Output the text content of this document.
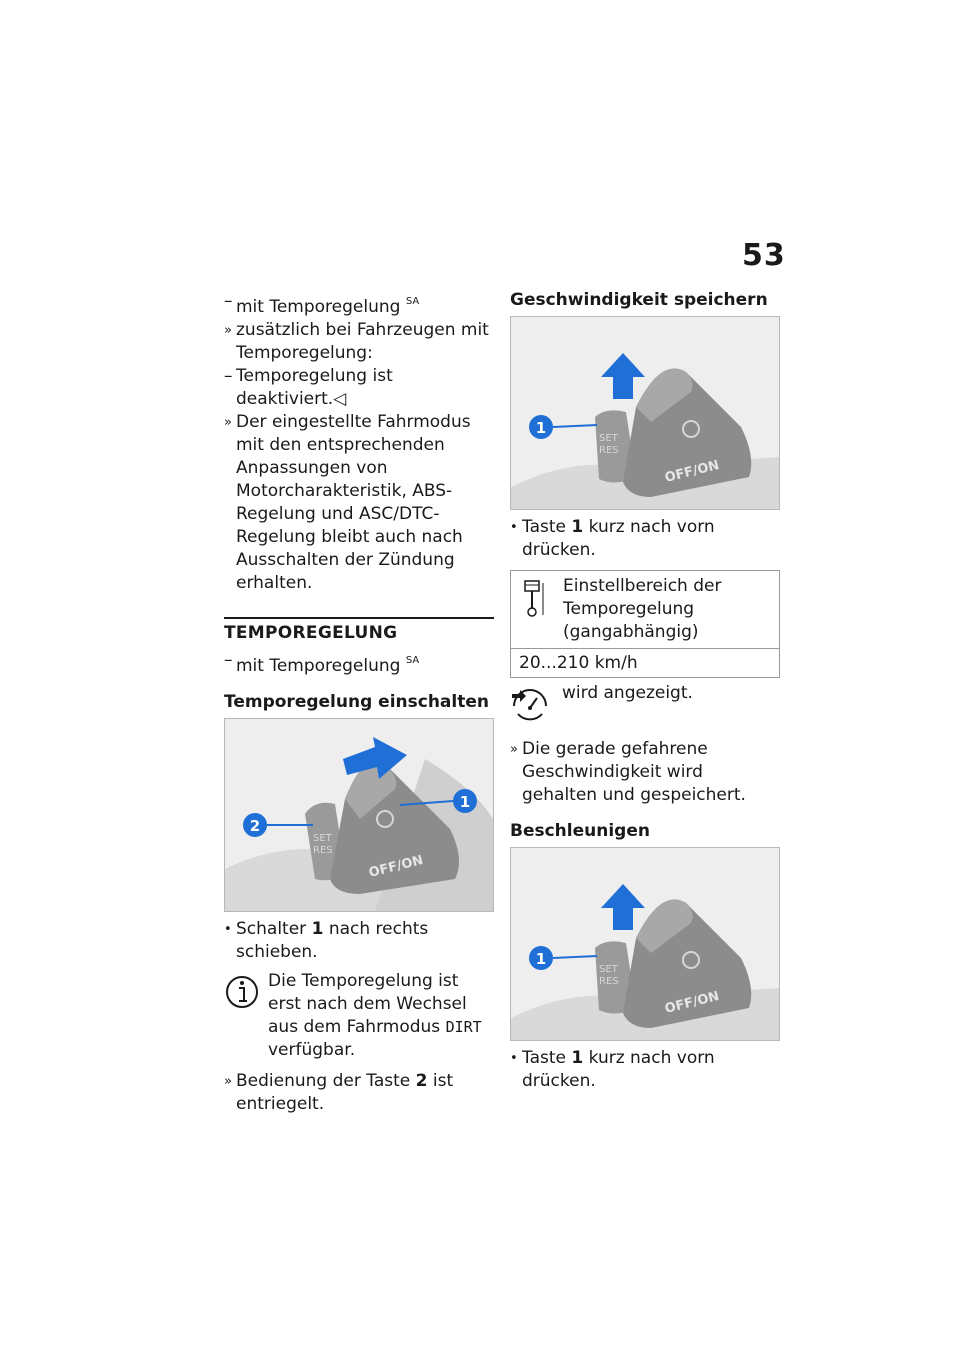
53
– mit Temporegelung $^{SA}$
» zusätzlich bei Fahrzeugen mit Temporegelung:
– Temporegelung ist deaktiviert.◁
» Der eingestellte Fahrmodus mit den entsprechenden Anpassungen von Motorcharakteristik, ABS-Regelung und ASC/DTC-Regelung bleibt auch nach Ausschalten der Zündung erhalten.
TEMPOREGELUNG
– mit Temporegelung $^{SA}$
Temporegelung einschalten
1
2
SET
RES
OFF/ON
• Schalter 1 nach rechts schieben.
Die Temporegelung ist erst nach dem Wechsel aus dem Fahrmodus DIRT verfügbar.
» Bedienung der Taste 2 ist entriegelt.
Geschwindigkeit speichern
1
SET
RES
OFF/ON
• Taste 1 kurz nach vorn drücken.
Einstellbereich der Temporegelung (gangabhängig)
20...210 km/h
wird angezeigt.
» Die gerade gefahrene Geschwindigkeit wird gehalten und gespeichert.
Beschleunigen
1
SET
RES
OFF/ON
• Taste 1 kurz nach vorn drücken.
